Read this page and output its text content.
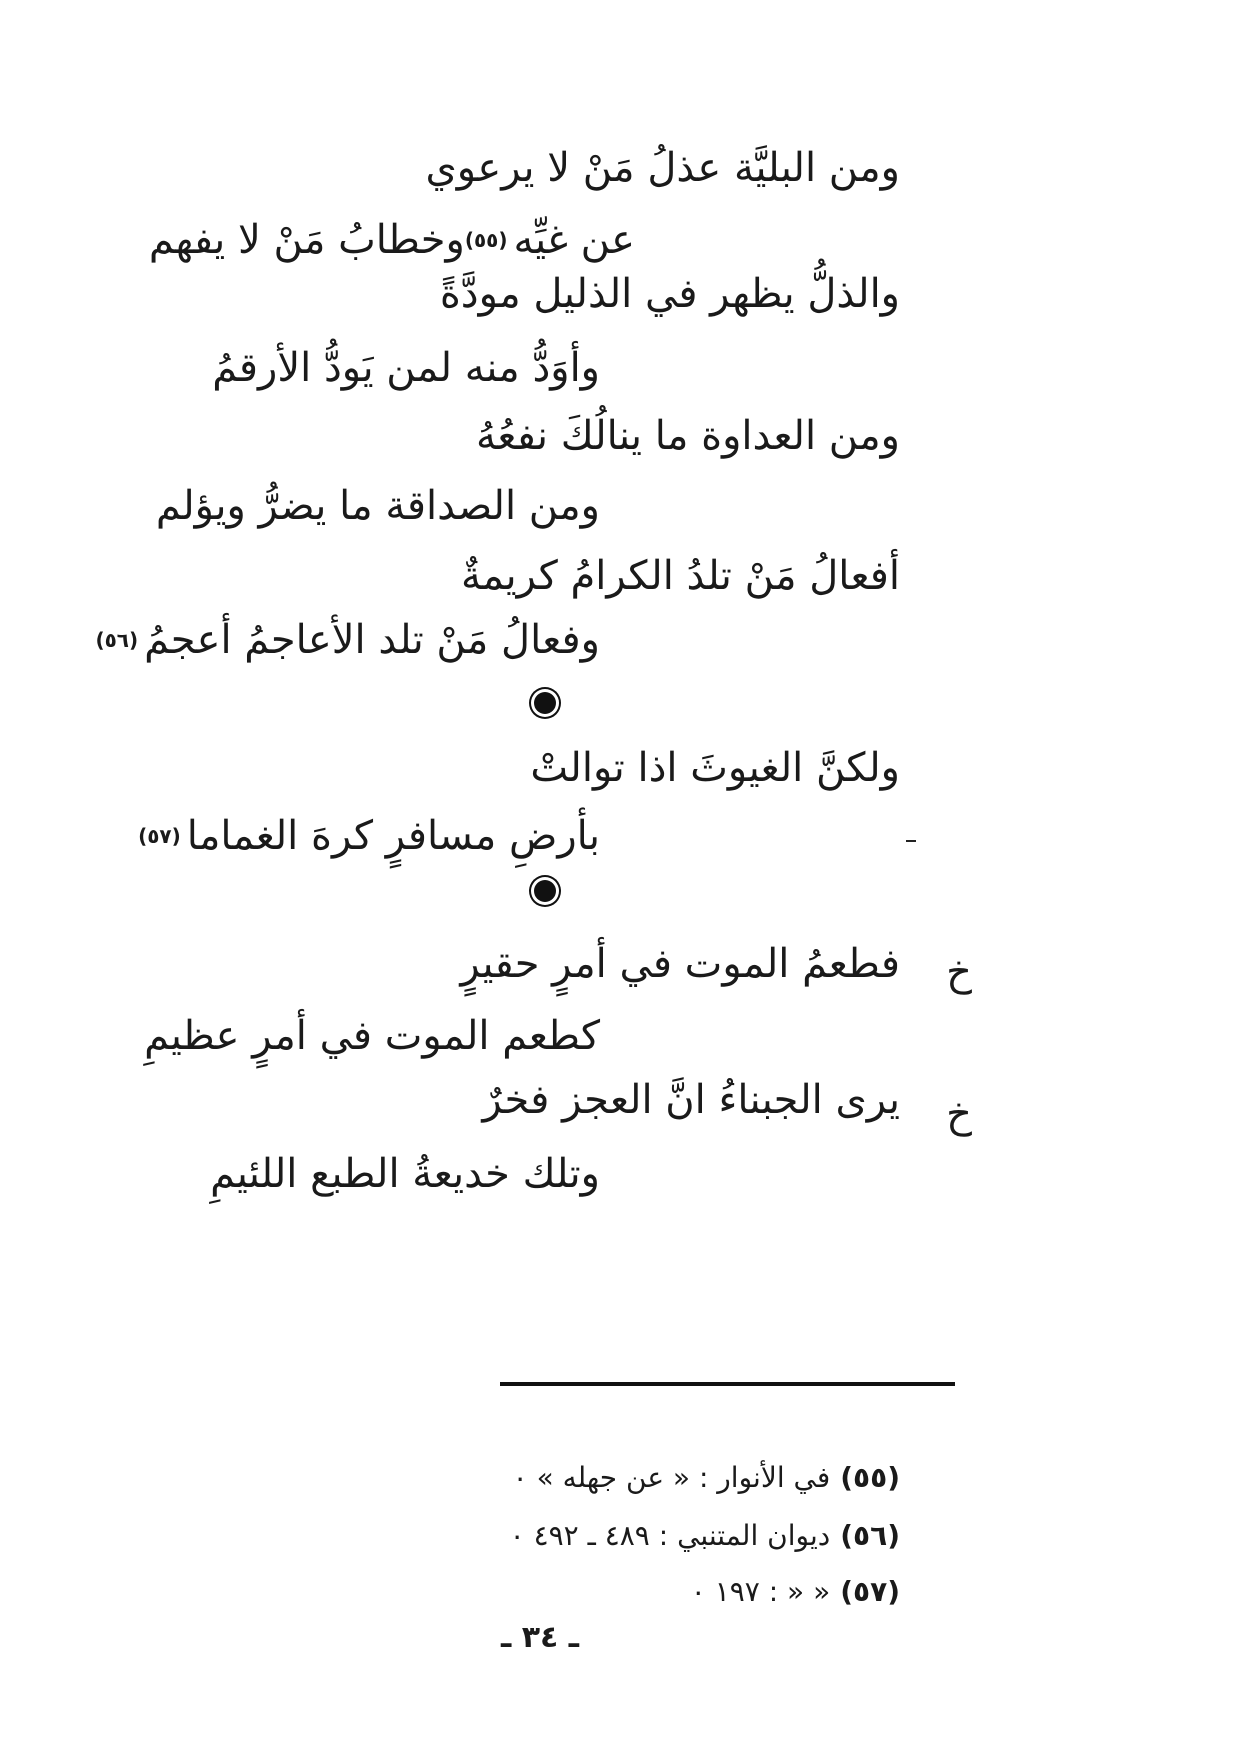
ومن البليَّة عذلُ مَنْ لا يرعوي
عن غيِّه(٥٥)وخطابُ مَنْ لا يفهم
والذلُّ يظهر في الذليل مودَّةً
وأوَدُّ منه لمن يَودُّ الأرقمُ
ومن العداوة ما ينالُكَ نفعُهُ
ومن الصداقة ما يضرُّ ويؤلم
أفعالُ مَنْ تلدُ الكرامُ كريمةٌ
وفعالُ مَنْ تلد الأعاجمُ أعجمُ(٥٦)
ولكنَّ الغيوثَ اذا توالتْ
بأرضِ مسافرٍ كرهَ الغماما(٥٧)
خ
فطعمُ الموت في أمرٍ حقيرٍ
كطعم الموت في أمرٍ عظيمِ
خ
يرى الجبناءُ انَّ العجز فخرٌ
وتلك خديعةُ الطبع اللئيمِ
(٥٥)في الأنوار : « عن جهله » ٠
(٥٦)ديوان المتنبي : ٤٨٩ ـ ٤٩٢ ٠
(٥٧)« « : ١٩٧ ٠
ـ ٣٤ ـ
